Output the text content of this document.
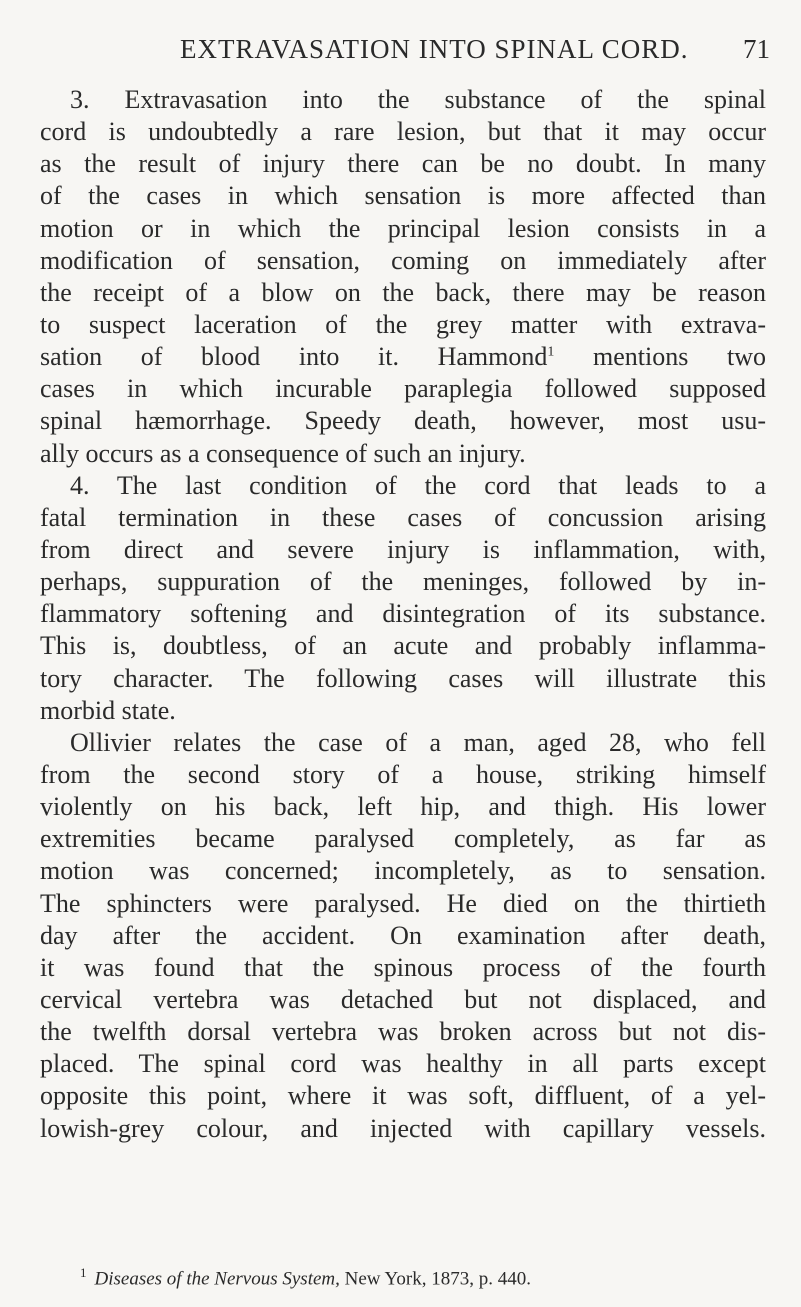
EXTRAVASATION INTO SPINAL CORD. 71
3. Extravasation into the substance of the spinal
cord is undoubtedly a rare lesion, but that it may occur
as the result of injury there can be no doubt. In many
of the cases in which sensation is more affected than
motion or in which the principal lesion consists in a
modification of sensation, coming on immediately after
the receipt of a blow on the back, there may be reason
to suspect laceration of the grey matter with extrava-
sation of blood into it. Hammond$^1$ mentions two
cases in which incurable paraplegia followed supposed
spinal hæmorrhage. Speedy death, however, most usu-
ally occurs as a consequence of such an injury.
4. The last condition of the cord that leads to a
fatal termination in these cases of concussion arising
from direct and severe injury is inflammation, with,
perhaps, suppuration of the meninges, followed by in-
flammatory softening and disintegration of its substance.
This is, doubtless, of an acute and probably inflamma-
tory character. The following cases will illustrate this
morbid state.
Ollivier relates the case of a man, aged 28, who fell
from the second story of a house, striking himself
violently on his back, left hip, and thigh. His lower
extremities became paralysed completely, as far as
motion was concerned; incompletely, as to sensation.
The sphincters were paralysed. He died on the thirtieth
day after the accident. On examination after death,
it was found that the spinous process of the fourth
cervical vertebra was detached but not displaced, and
the twelfth dorsal vertebra was broken across but not dis-
placed. The spinal cord was healthy in all parts except
opposite this point, where it was soft, diffluent, of a yel-
lowish-grey colour, and injected with capillary vessels.
$^1$ Diseases of the Nervous System, New York, 1873, p. 440.
